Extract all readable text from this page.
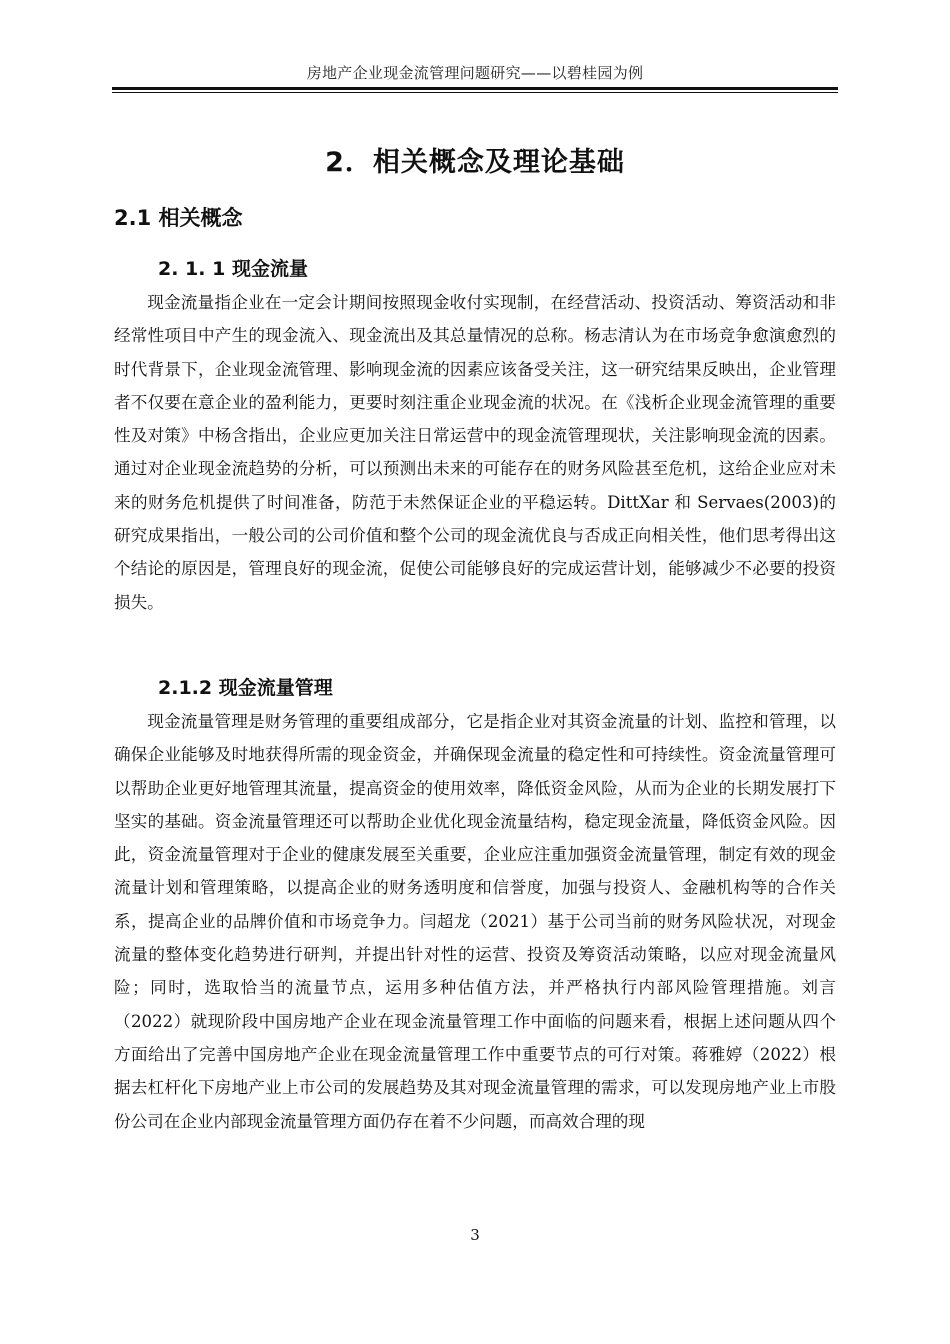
房地产企业现金流管理问题研究——以碧桂园为例
2．相关概念及理论基础
2.1 相关概念
2. 1. 1 现金流量

现金流量指企业在一定会计期间按照现金收付实现制，在经营活动、投资活动、筹资活动和非经常性项目中产生的现金流入、现金流出及其总量情况的总称。杨志清认为在市场竞争愈演愈烈的时代背景下，企业现金流管理、影响现金流的因素应该备受关注，这一研究结果反映出，企业管理者不仅要在意企业的盈利能力，更要时刻注重企业现金流的状况。在《浅析企业现金流管理的重要性及对策》中杨含指出，企业应更加关注日常运营中的现金流管理现状，关注影响现金流的因素。通过对企业现金流趋势的分析，可以预测出未来的可能存在的财务风险甚至危机，这给企业应对未来的财务危机提供了时间准备，防范于未然保证企业的平稳运转。DittXar 和 Servaes(2003)的研究成果指出，一般公司的公司价值和整个公司的现金流优良与否成正向相关性，他们思考得出这个结论的原因是，管理良好的现金流，促使公司能够良好的完成运营计划，能够减少不必要的投资损失。

2.1.2 现金流量管理

现金流量管理是财务管理的重要组成部分，它是指企业对其资金流量的计划、监控和管理，以确保企业能够及时地获得所需的现金资金，并确保现金流量的稳定性和可持续性。资金流量管理可以帮助企业更好地管理其流量，提高资金的使用效率，降低资金风险，从而为企业的长期发展打下坚实的基础。资金流量管理还可以帮助企业优化现金流量结构，稳定现金流量，降低资金风险。因此，资金流量管理对于企业的健康发展至关重要，企业应注重加强资金流量管理，制定有效的现金流量计划和管理策略，以提高企业的财务透明度和信誉度，加强与投资人、金融机构等的合作关系，提高企业的品牌价值和市场竞争力。闫超龙（2021）基于公司当前的财务风险状况，对现金流量的整体变化趋势进行研判，并提出针对性的运营、投资及筹资活动策略，以应对现金流量风险；同时，选取恰当的流量节点，运用多种估值方法，并严格执行内部风险管理措施。刘言（2022）就现阶段中国房地产企业在现金流量管理工作中面临的问题来看，根据上述问题从四个方面给出了完善中国房地产企业在现金流量管理工作中重要节点的可行对策。蒋雅婷（2022）根据去杠杆化下房地产业上市公司的发展趋势及其对现金流量管理的需求，可以发现房地产业上市股份公司在企业内部现金流量管理方面仍存在着不少问题，而高效合理的现

3
